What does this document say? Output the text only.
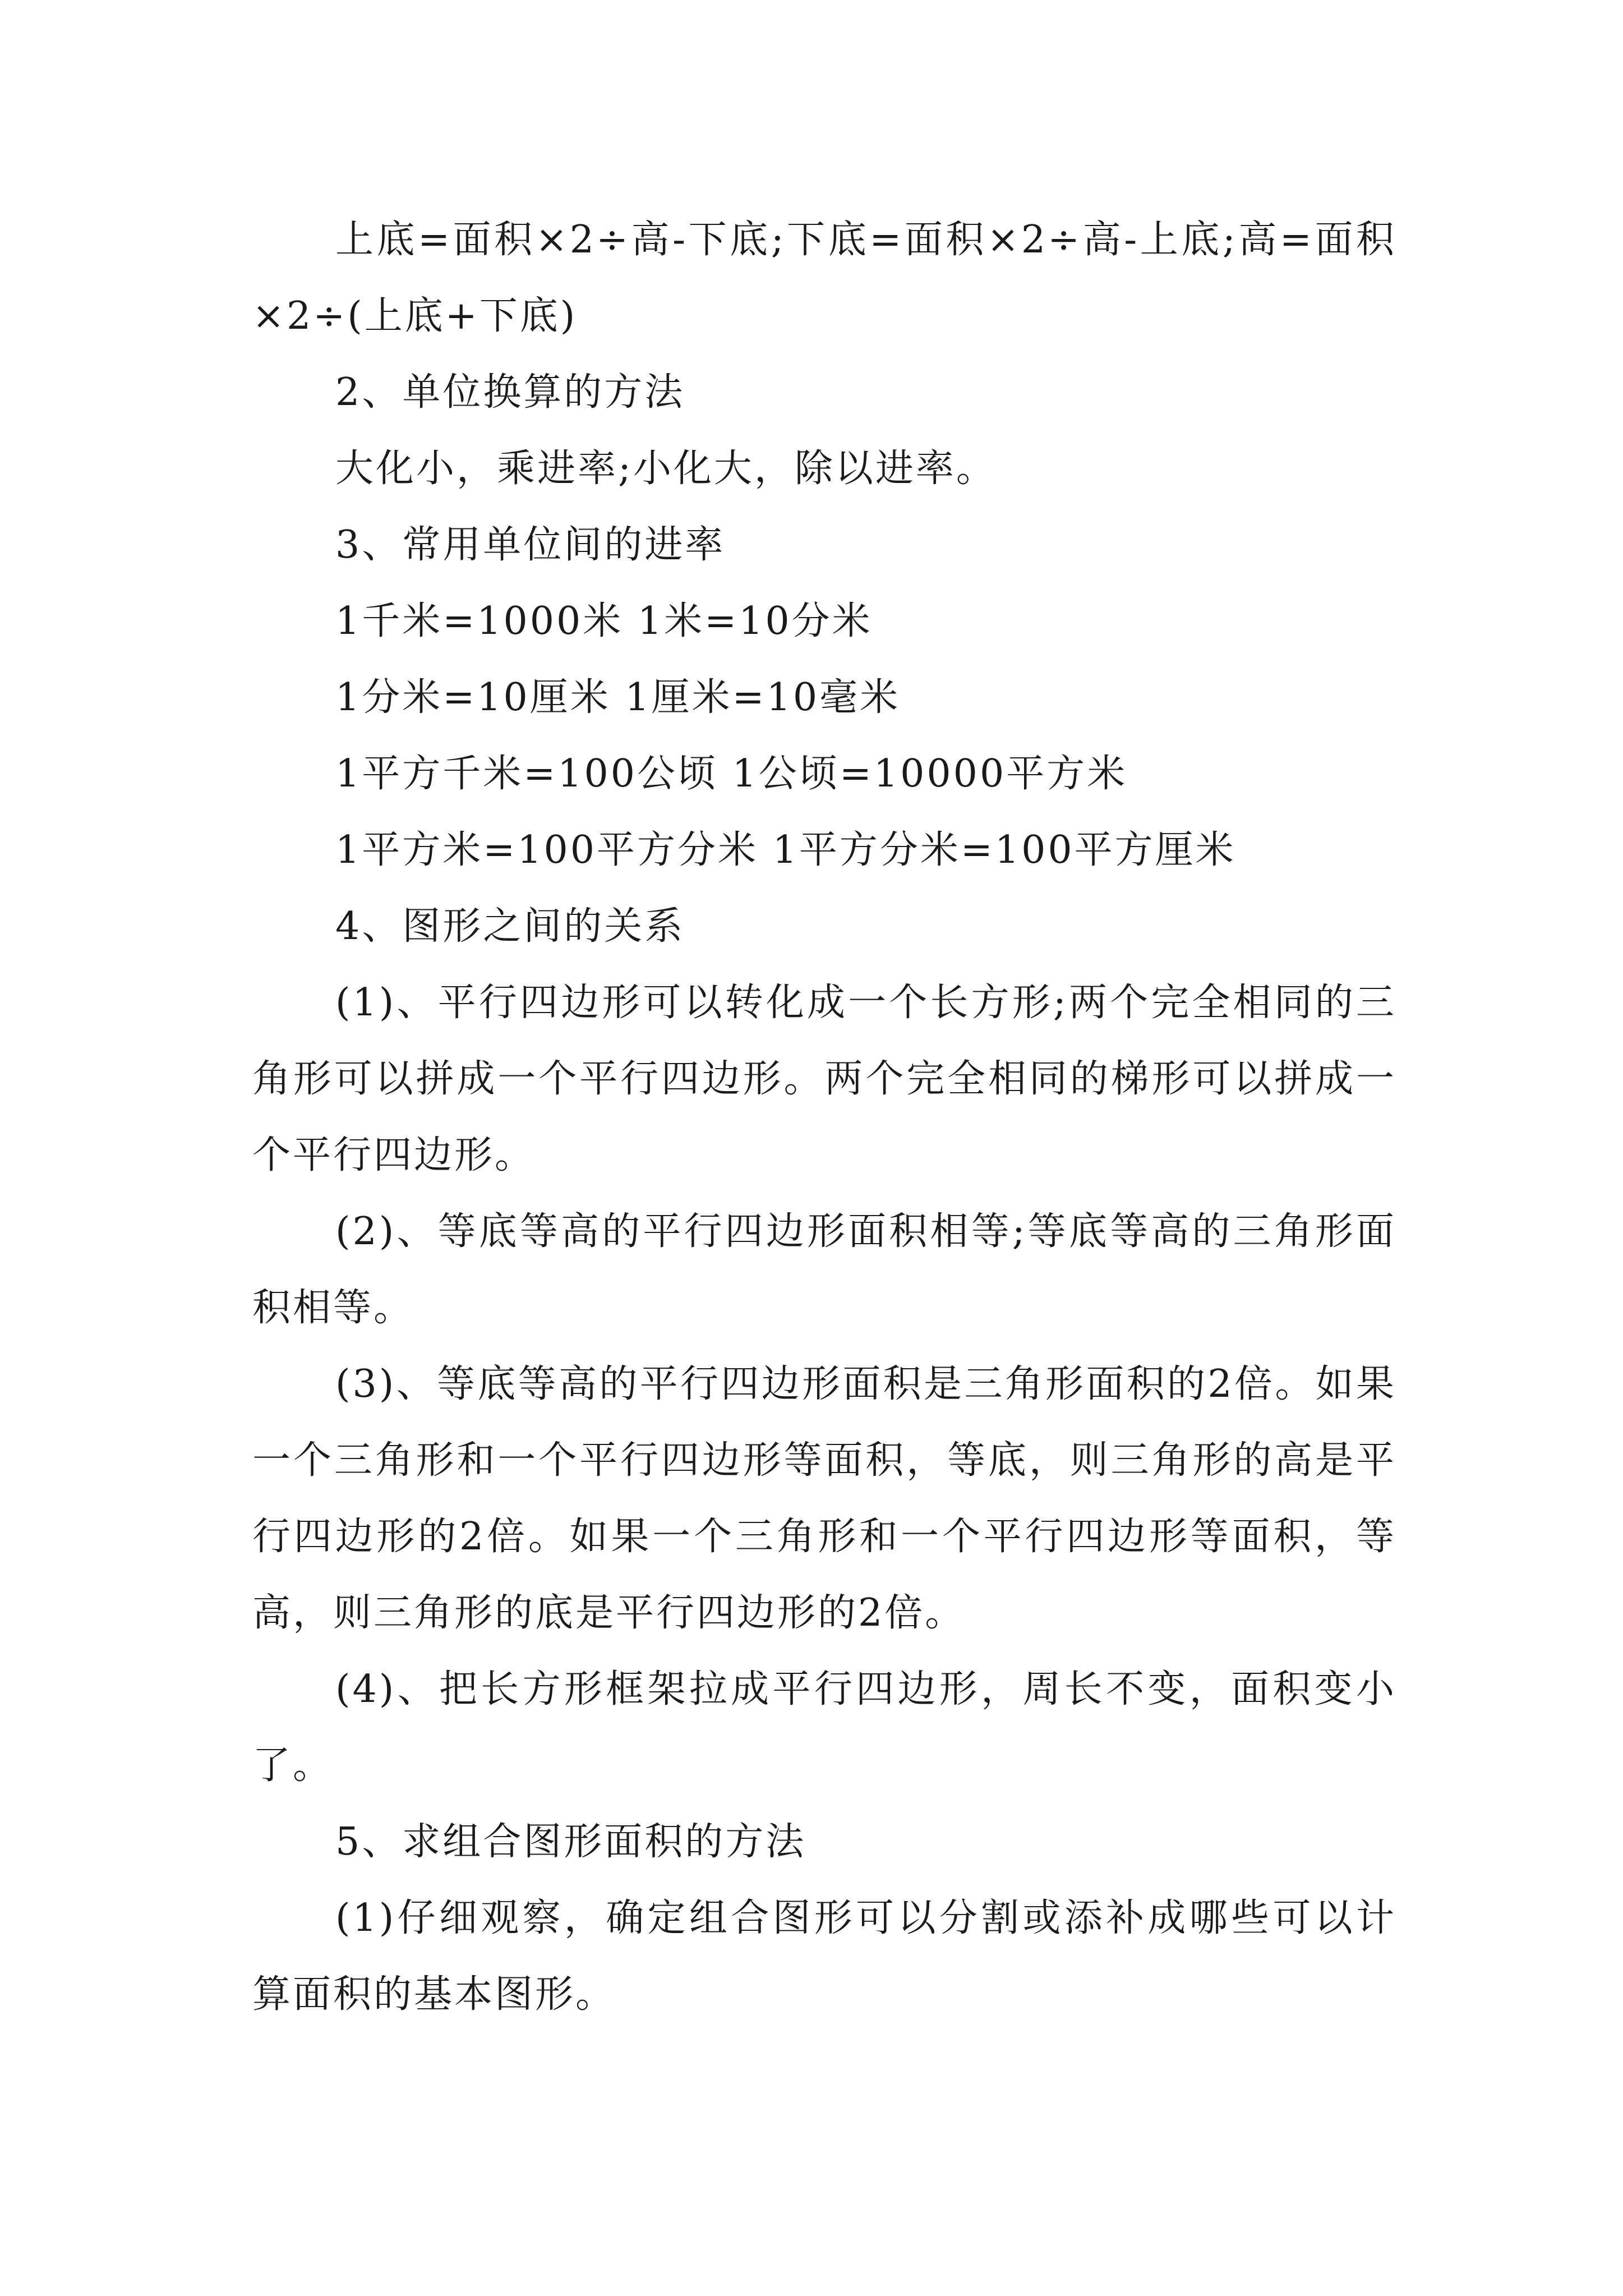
上底=面积×2÷高-下底;下底=面积×2÷高-上底;高=面积×2÷(上底+下底)

2、单位换算的方法

大化小，乘进率;小化大，除以进率。

3、常用单位间的进率

1千米=1000米 1米=10分米

1分米=10厘米 1厘米=10毫米

1平方千米=100公顷 1公顷=10000平方米

1平方米=100平方分米 1平方分米=100平方厘米

4、图形之间的关系

(1)、平行四边形可以转化成一个长方形;两个完全相同的三角形可以拼成一个平行四边形。两个完全相同的梯形可以拼成一个平行四边形。

(2)、等底等高的平行四边形面积相等;等底等高的三角形面积相等。

(3)、等底等高的平行四边形面积是三角形面积的2倍。如果一个三角形和一个平行四边形等面积，等底，则三角形的高是平行四边形的2倍。如果一个三角形和一个平行四边形等面积，等高，则三角形的底是平行四边形的2倍。

(4)、把长方形框架拉成平行四边形，周长不变，面积变小了。

5、求组合图形面积的方法

(1)仔细观察，确定组合图形可以分割或添补成哪些可以计算面积的基本图形。
